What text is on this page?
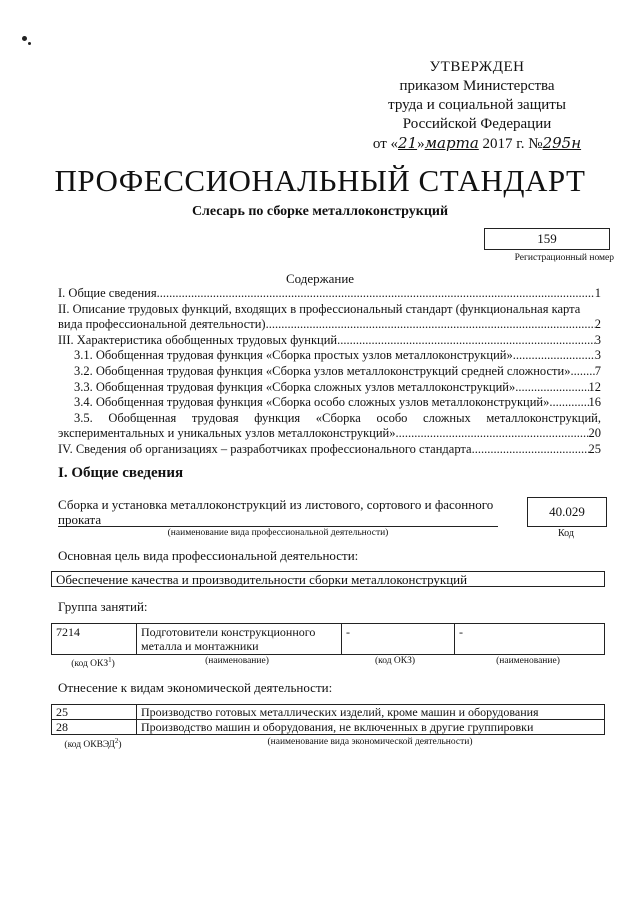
УТВЕРЖДЕН
приказом Министерства
труда и социальной защиты
Российской Федерации
от «21»марта 2017 г. №295н
ПРОФЕССИОНАЛЬНЫЙ СТАНДАРТ
Слесарь по сборке металлоконструкций
159
Регистрационный номер
Содержание
I. Общие сведения .....	1
II. Описание трудовых функций, входящих в профессиональный стандарт (функциональная карта
вида профессиональной деятельности) .....	2
III. Характеристика обобщенных трудовых функций .....	3
3.1. Обобщенная трудовая функция «Сборка простых узлов металлоконструкций» .....	3
3.2. Обобщенная трудовая функция «Сборка узлов металлоконструкций средней сложности» ..... 7
3.3. Обобщенная трудовая функция «Сборка сложных узлов металлоконструкций» .....	12
3.4. Обобщенная трудовая функция «Сборка особо сложных узлов металлоконструкций» .....	16
3.5. Обобщенная трудовая функция «Сборка особо сложных металлоконструкций,
экспериментальных и уникальных узлов металлоконструкций» .....	20
IV. Сведения об организациях – разработчиках профессионального стандарта .....	25
I. Общие сведения
Сборка и установка металлоконструкций из листового, сортового и фасонного проката
(наименование вида профессиональной деятельности)
40.029
Код
Основная цель вида профессиональной деятельности:
Обеспечение качества и производительности сборки металлоконструкций
Группа занятий:
7214	Подготовители конструкционного металла и монтажники	-	-
(код ОКЗ$^1$)	(наименование)	(код ОКЗ)	(наименование)
Отнесение к видам экономической деятельности:
25	Производство готовых металлических изделий, кроме машин и оборудования
28	Производство машин и оборудования, не включенных в другие группировки
(код ОКВЭД$^2$)	(наименование вида экономической деятельности)
